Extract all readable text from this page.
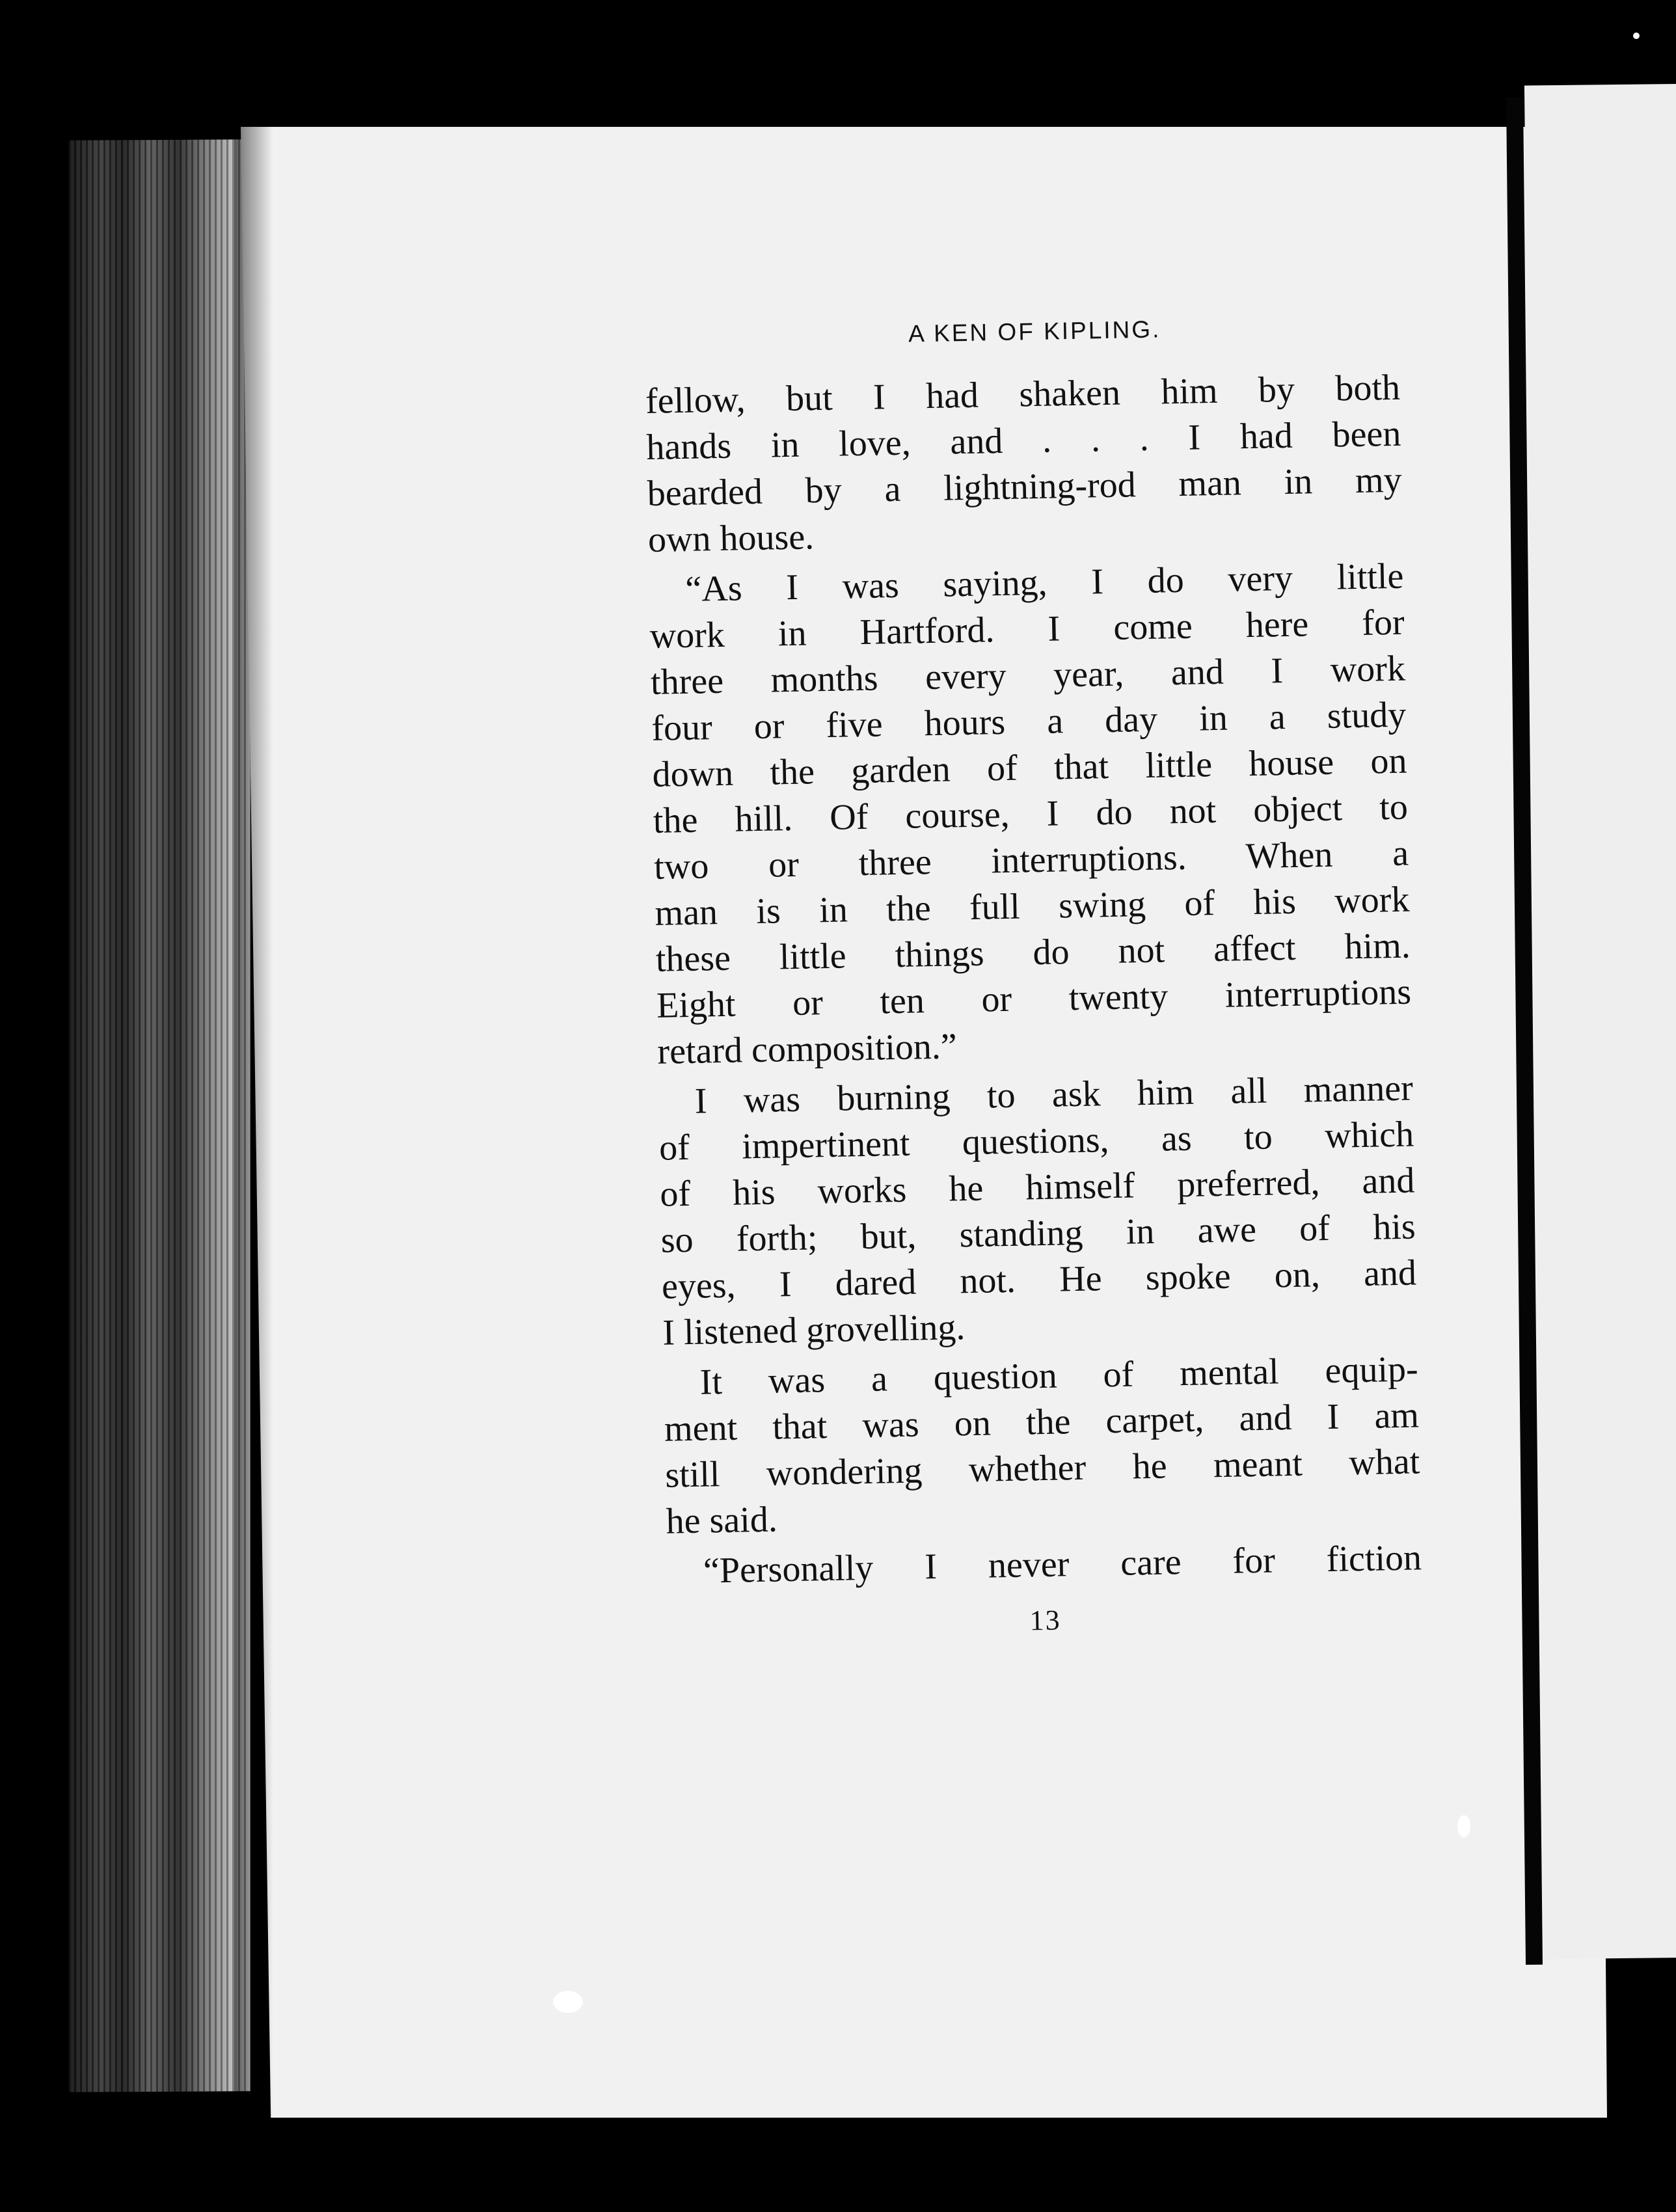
A KEN OF KIPLING.
fellow, but I had shaken him by both
hands in love, and . . . I had been
bearded by a lightning-rod man in my
own house.
“As I was saying, I do very little
work in Hartford. I come here for
three months every year, and I work
four or five hours a day in a study
down the garden of that little house on
the hill. Of course, I do not object to
two or three interruptions. When a
man is in the full swing of his work
these little things do not affect him.
Eight or ten or twenty interruptions
retard composition.”
I was burning to ask him all manner
of impertinent questions, as to which
of his works he himself preferred, and
so forth; but, standing in awe of his
eyes, I dared not. He spoke on, and
I listened grovelling.
It was a question of mental equip-
ment that was on the carpet, and I am
still wondering whether he meant what
he said.
“Personally I never care for fiction
13
